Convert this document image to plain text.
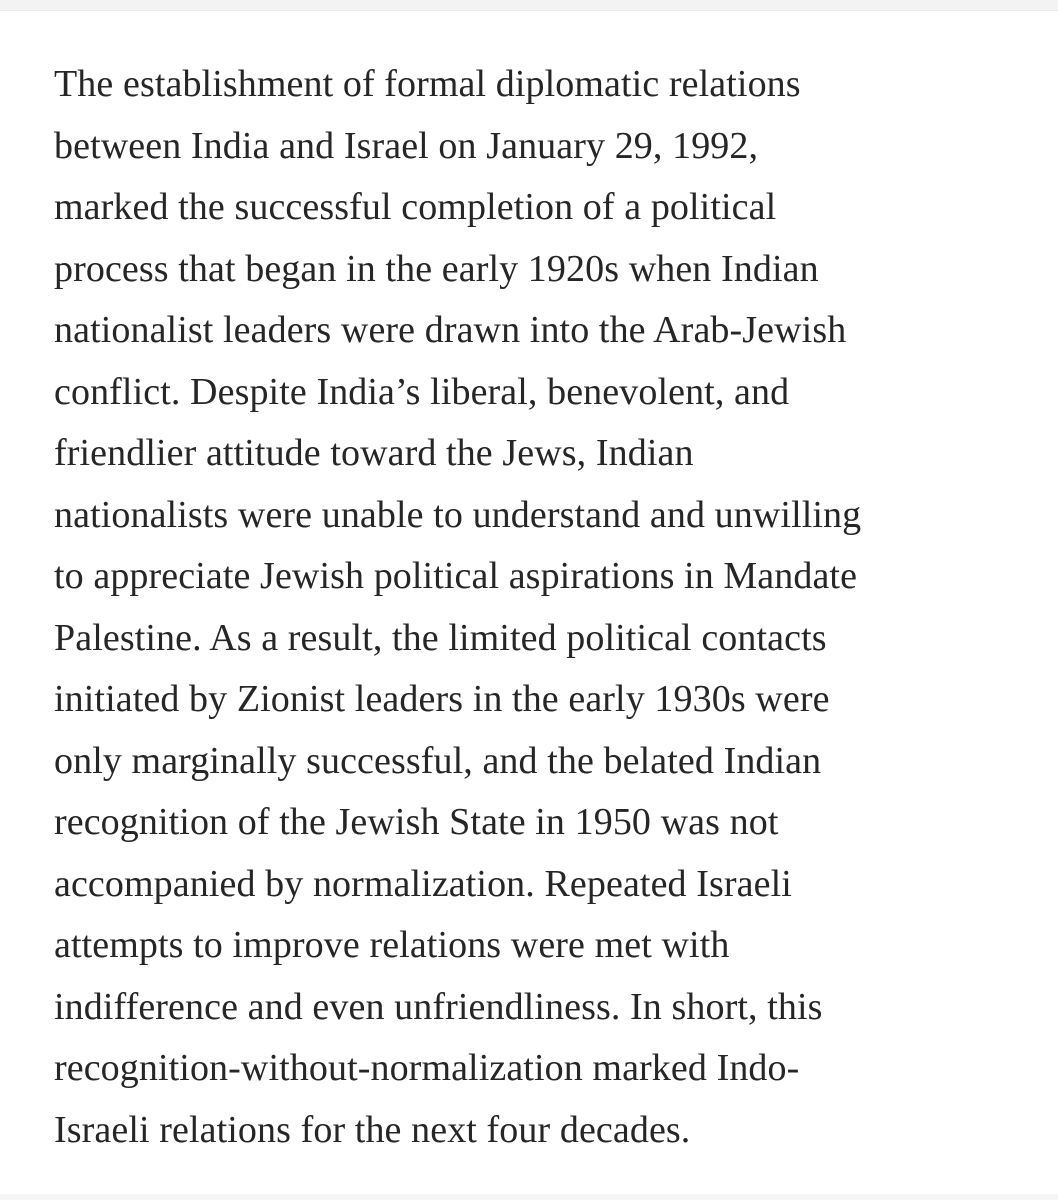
The establishment of formal diplomatic relations
between India and Israel on January 29, 1992,
marked the successful completion of a political
process that began in the early 1920s when Indian
nationalist leaders were drawn into the Arab-Jewish
conflict. Despite India’s liberal, benevolent, and
friendlier attitude toward the Jews, Indian
nationalists were unable to understand and unwilling
to appreciate Jewish political aspirations in Mandate
Palestine. As a result, the limited political contacts
initiated by Zionist leaders in the early 1930s were
only marginally successful, and the belated Indian
recognition of the Jewish State in 1950 was not
accompanied by normalization. Repeated Israeli
attempts to improve relations were met with
indifference and even unfriendliness. In short, this
recognition-without-normalization marked Indo-
Israeli relations for the next four decades.
